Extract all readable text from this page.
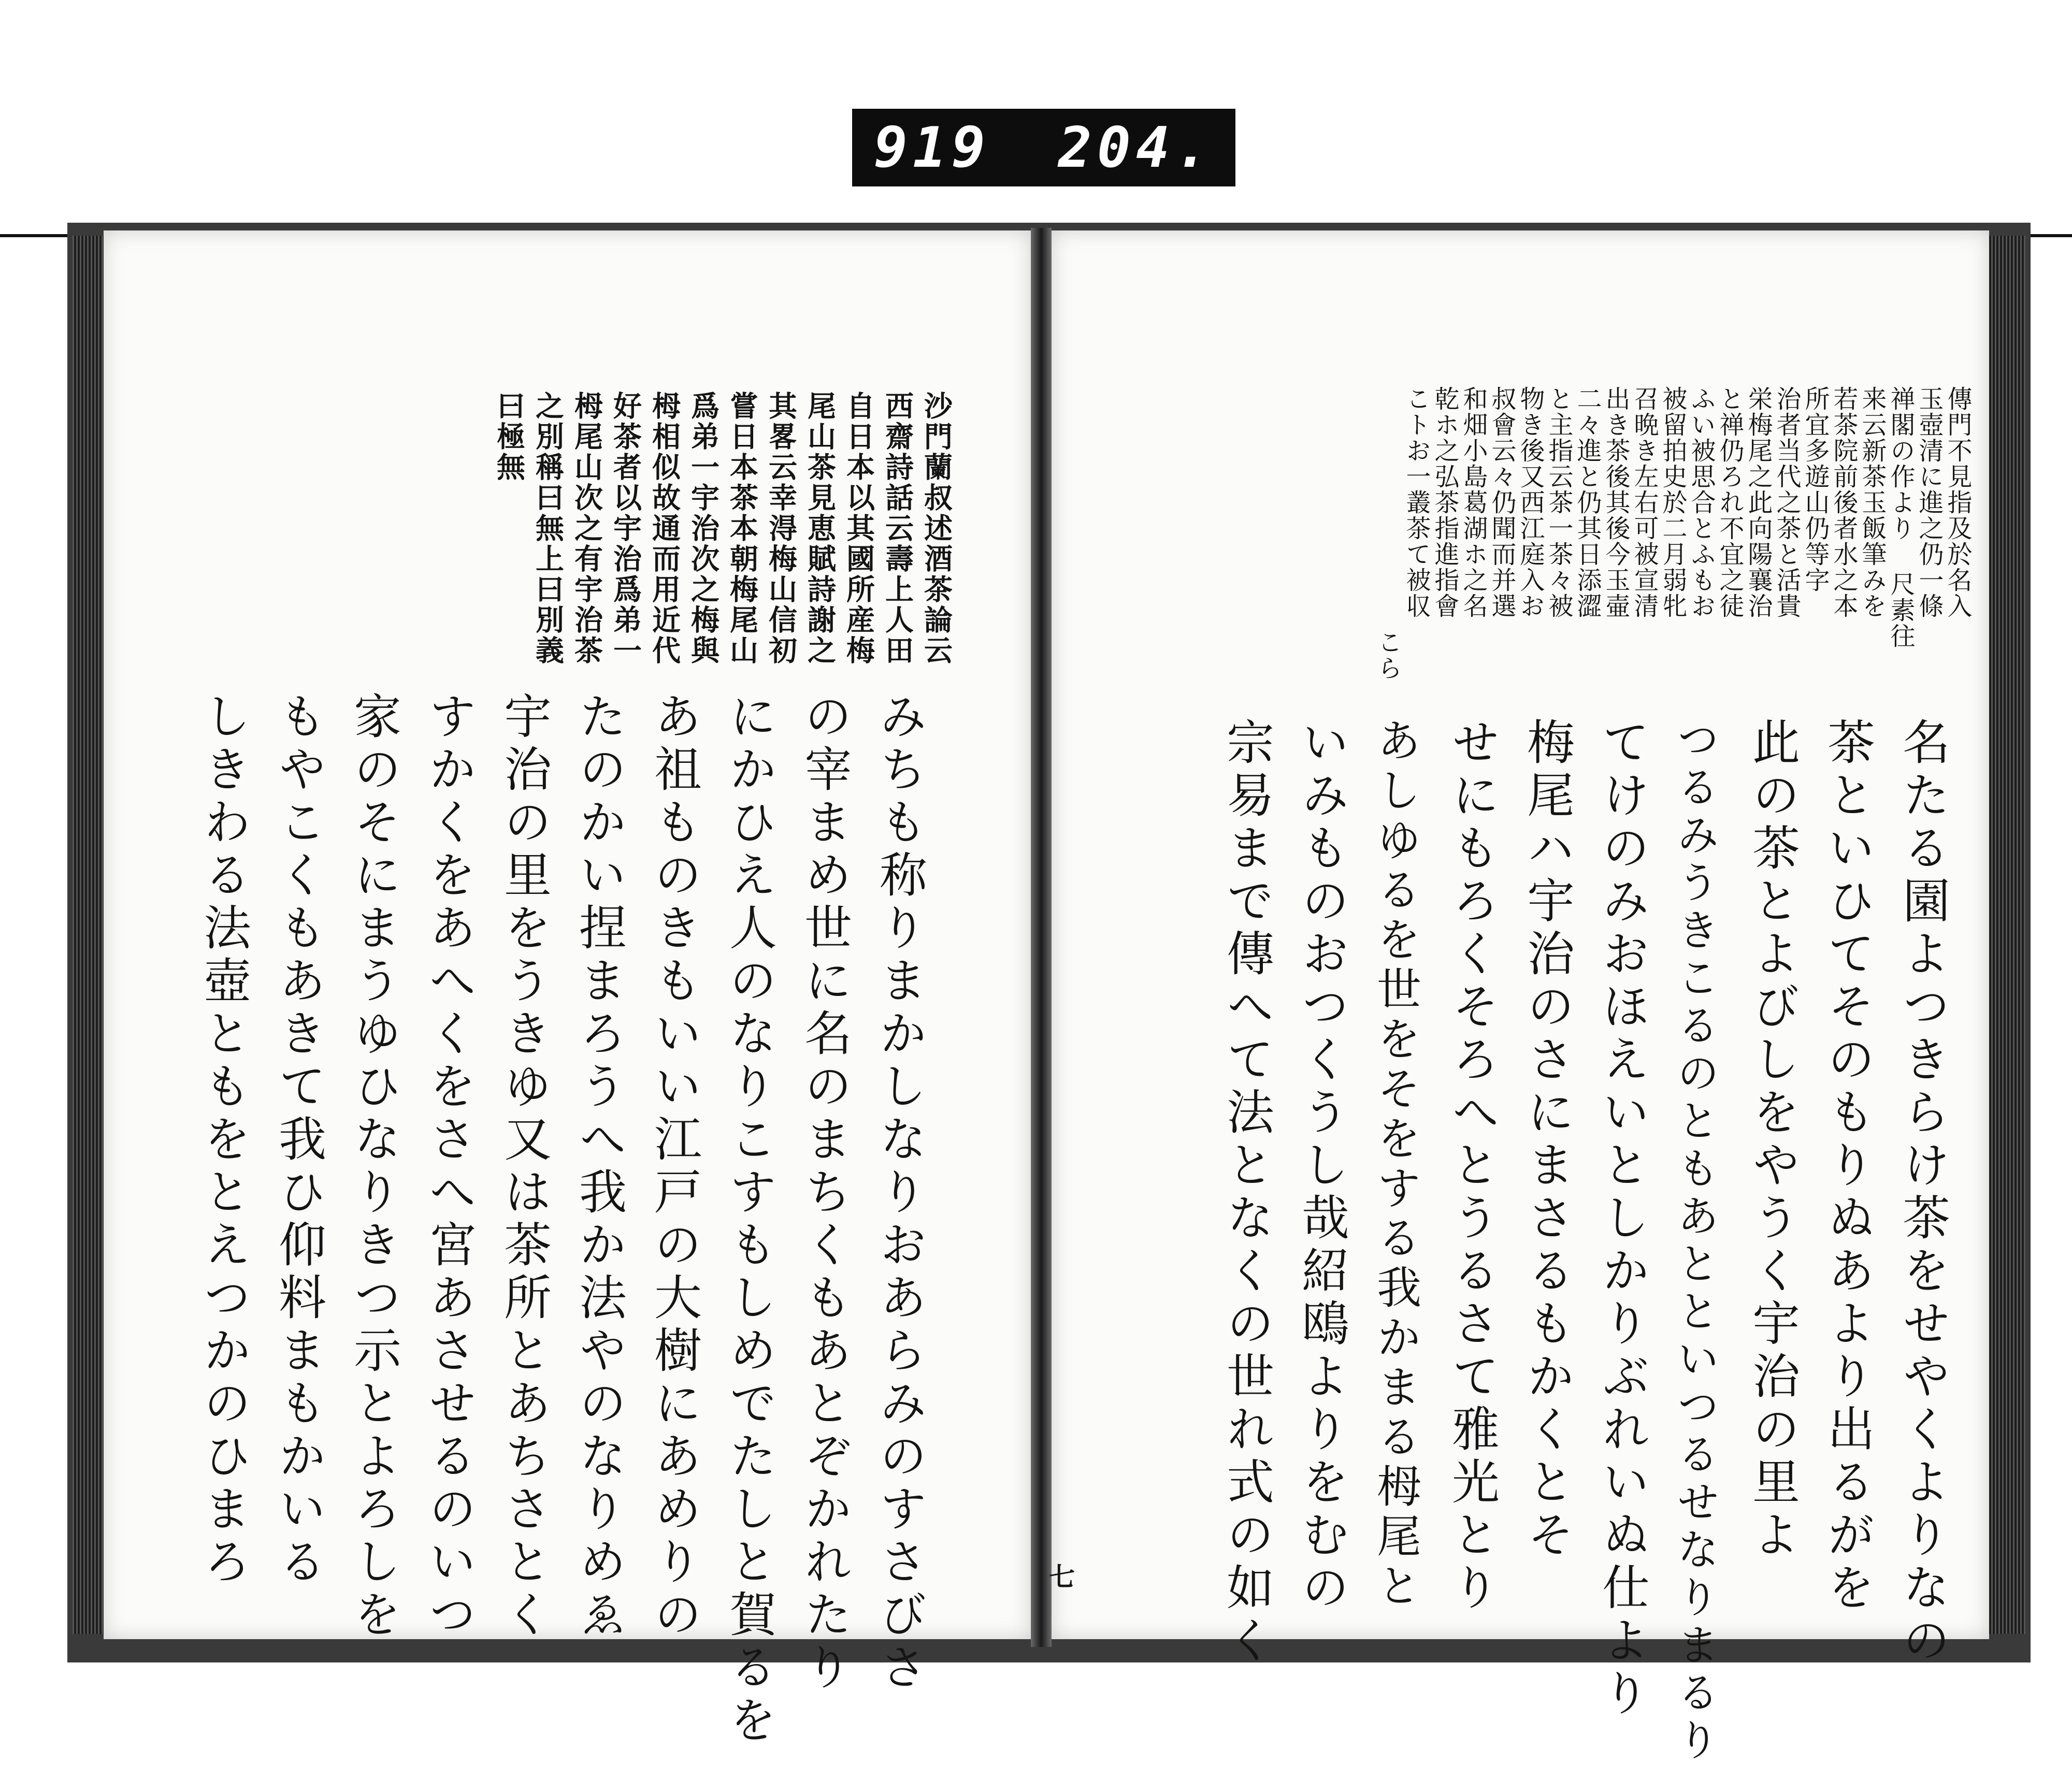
919 204.
沙門蘭叔述酒茶論云
西齋詩話云壽上人田
自日本以其國所産梅
尾山茶見恵賦詩謝之
其畧云幸淂梅山信初
嘗日本茶本朝梅尾山
爲弟一宇治次之梅與
栂相似故通而用近代
好茶者以宇治爲弟一
栂尾山次之有宇治茶
之別稱曰無上曰別義
曰極無
みちも称りまかしなりおあらみのすさびさ
の宰まめ世に名のまちくもあとぞかれたり
にかひえ人のなりこすもしめでたしと賀るを
あ祖ものきもいい江戸の大樹にあめりの
たのかい捏まろうへ我か法やのなりめゑ
宇治の里をうきゆ又は茶所とあちさとく
すかくをあへくをさへ宮あさせるのいつ
家のそにまうゆひなりきつ示とよろしを
もやこくもあきて我ひ仰料まもかいる
しきわる法壺ともをとえつかのひまろ
傳門不見指及於名入
玉壺清に進之仍一條
禅閣の作より 尺素往
来云新茶玉飯筆みを
若茶院前後者水之本
所宜多遊山仍等字
治者当代之茶と活貴
栄梅尾之此向陽襄治
と禅仍ろれ不宜之徒
ふい被思合とふもお
被留拍史於二月弱牝
召晩き左右可被宣清
出き茶後其後今玉壷
二々進と仍其日添澀
と主指云茶一茶々被
物き後又西江庭入お
叔會云々仍聞而并選
和畑小島葛湖ホ之名
乾ホ之弘茶指進指會
こトお一叢茶て被収
こら
名たる園よつきらけ茶をせやくよりなの
茶といひてそのもりぬあより出るがを
此の茶とよびしをやうく宇治の里よ
つるみうきこるのともあとといつるせなりまるり
てけのみおほえいとしかりぶれいぬ仕より
梅尾ハ宇治のさにまさるもかくとそ
せにもろくそろへとうるさて雅光とり
あしゆるを世をそをする我かまる栂尾と
いみものおつくうし哉紹鴎よりをむの
宗易まで傳へて法となくの世れ式の如く
七
